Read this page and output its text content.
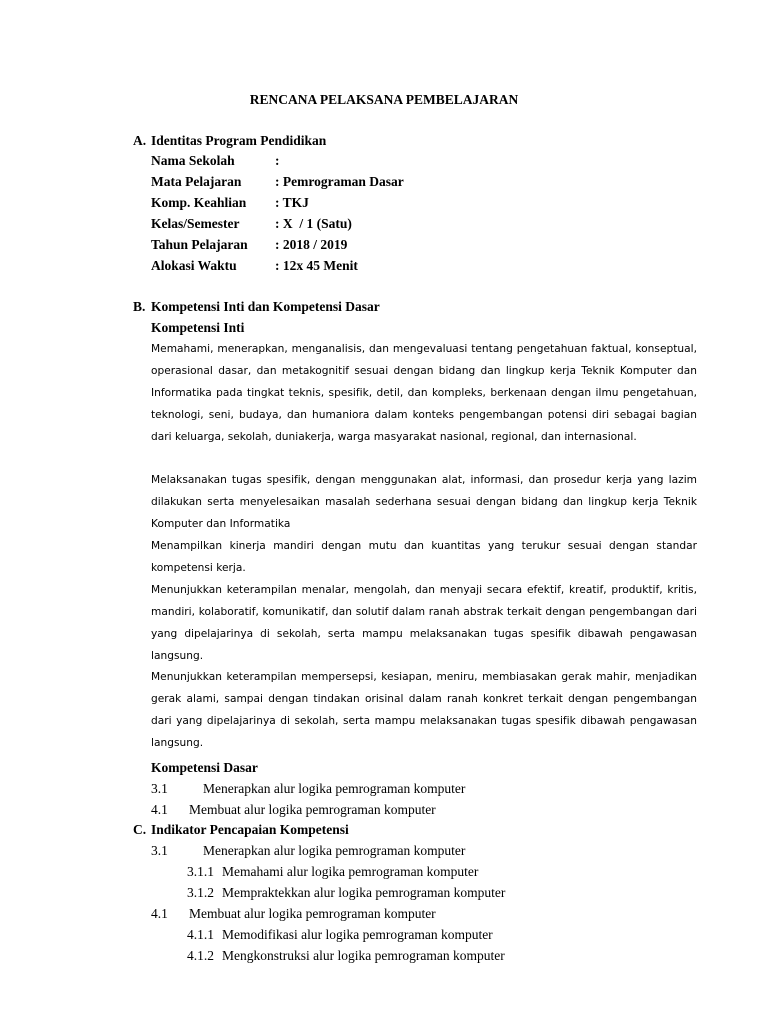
RENCANA PELAKSANA PEMBELAJARAN
A. Identitas Program Pendidikan
Nama Sekolah	:
Mata Pelajaran : Pemrograman Dasar
Komp. Keahlian : TKJ
Kelas/Semester	: X  / 1 (Satu)
Tahun Pelajaran : 2018 / 2019
Alokasi Waktu	: 12x 45 Menit
B. Kompetensi Inti dan Kompetensi Dasar
Kompetensi Inti
Memahami, menerapkan, menganalisis, dan mengevaluasi tentang pengetahuan faktual, konseptual, operasional dasar, dan metakognitif sesuai dengan bidang dan lingkup kerja Teknik Komputer dan Informatika pada tingkat teknis, spesifik, detil, dan kompleks, berkenaan dengan ilmu pengetahuan, teknologi, seni, budaya, dan humaniora dalam konteks pengembangan potensi diri sebagai bagian dari keluarga, sekolah, duniakerja, warga masyarakat nasional, regional, dan internasional.
Melaksanakan tugas spesifik, dengan menggunakan alat, informasi, dan prosedur kerja yang lazim dilakukan serta menyelesaikan masalah sederhana sesuai dengan bidang dan lingkup kerja Teknik Komputer dan Informatika
Menampilkan kinerja mandiri dengan mutu dan kuantitas yang terukur sesuai dengan standar kompetensi kerja.
Menunjukkan keterampilan menalar, mengolah, dan menyaji secara efektif, kreatif, produktif, kritis, mandiri, kolaboratif, komunikatif, dan solutif dalam ranah abstrak terkait dengan pengembangan dari yang dipelajarinya di sekolah, serta mampu melaksanakan tugas spesifik dibawah pengawasan langsung.
Menunjukkan keterampilan mempersepsi, kesiapan, meniru, membiasakan gerak mahir, menjadikan gerak alami, sampai dengan tindakan orisinal dalam ranah konkret terkait dengan pengembangan dari yang dipelajarinya di sekolah, serta mampu melaksanakan tugas spesifik dibawah pengawasan langsung.
Kompetensi Dasar
3.1	Menerapkan alur logika pemrograman komputer
4.1 Membuat alur logika pemrograman komputer
C. Indikator Pencapaian Kompetensi
3.1	Menerapkan alur logika pemrograman komputer
3.1.1 Memahami alur logika pemrograman komputer
3.1.2 Mempraktekkan alur logika pemrograman komputer
4.1 Membuat alur logika pemrograman komputer
4.1.1 Memodifikasi alur logika pemrograman komputer
4.1.2 Mengkonstruksi alur logika pemrograman komputer
